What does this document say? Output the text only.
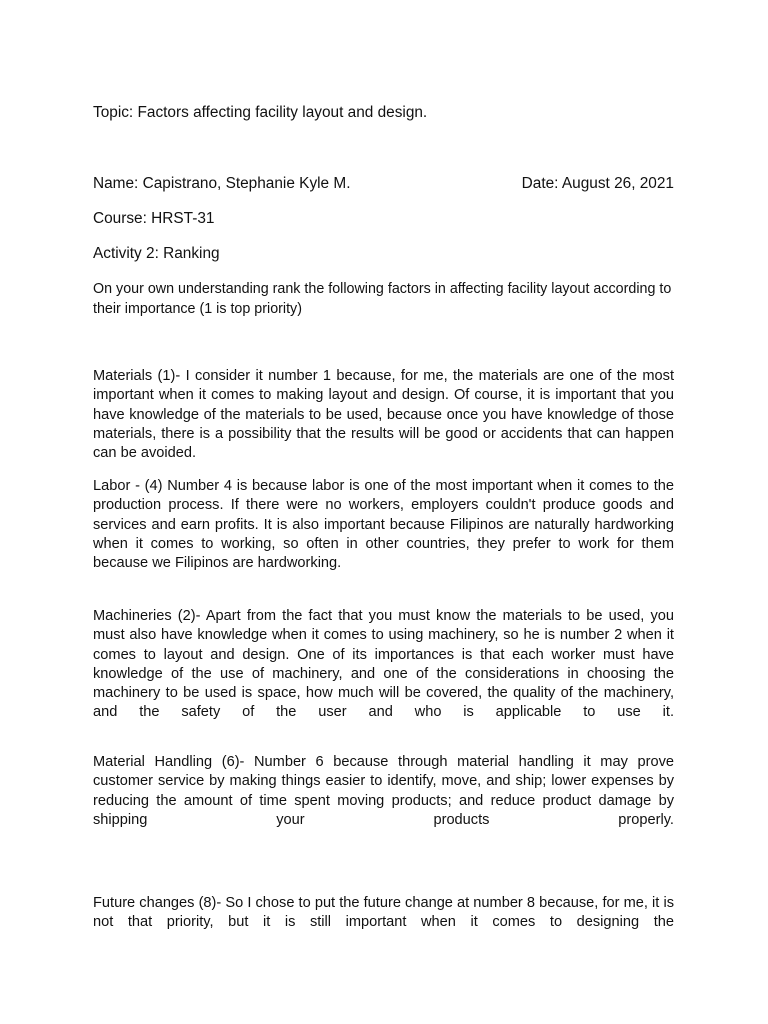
Topic: Factors affecting facility layout and design.
Name: Capistrano, Stephanie Kyle M.	Date: August 26, 2021
Course: HRST-31
Activity 2: Ranking
On your own understanding rank the following factors in affecting facility layout according to their importance (1 is top priority)
Materials (1)- I consider it number 1 because, for me, the materials are one of the most important when it comes to making layout and design. Of course, it is important that you have knowledge of the materials to be used, because once you have knowledge of those materials, there is a possibility that the results will be good or accidents that can happen can be avoided.
Labor - (4) Number 4 is because labor is one of the most important when it comes to the production process. If there were no workers, employers couldn't produce goods and services and earn profits. It is also important because Filipinos are naturally hardworking when it comes to working, so often in other countries, they prefer to work for them because we Filipinos are hardworking.
Machineries (2)- Apart from the fact that you must know the materials to be used, you must also have knowledge when it comes to using machinery, so he is number 2 when it comes to layout and design. One of its importances is that each worker must have knowledge of the use of machinery, and one of the considerations in choosing the machinery to be used is space, how much will be covered, the quality of the machinery, and the safety of the user and who is applicable to use it.
Material Handling (6)- Number 6 because through material handling it may prove customer service by making things easier to identify, move, and ship; lower expenses by reducing the amount of time spent moving products; and reduce product damage by shipping your products properly.
Future changes (8)- So I chose to put the future change at number 8 because, for me, it is not that priority, but it is still important when it comes to designing the
